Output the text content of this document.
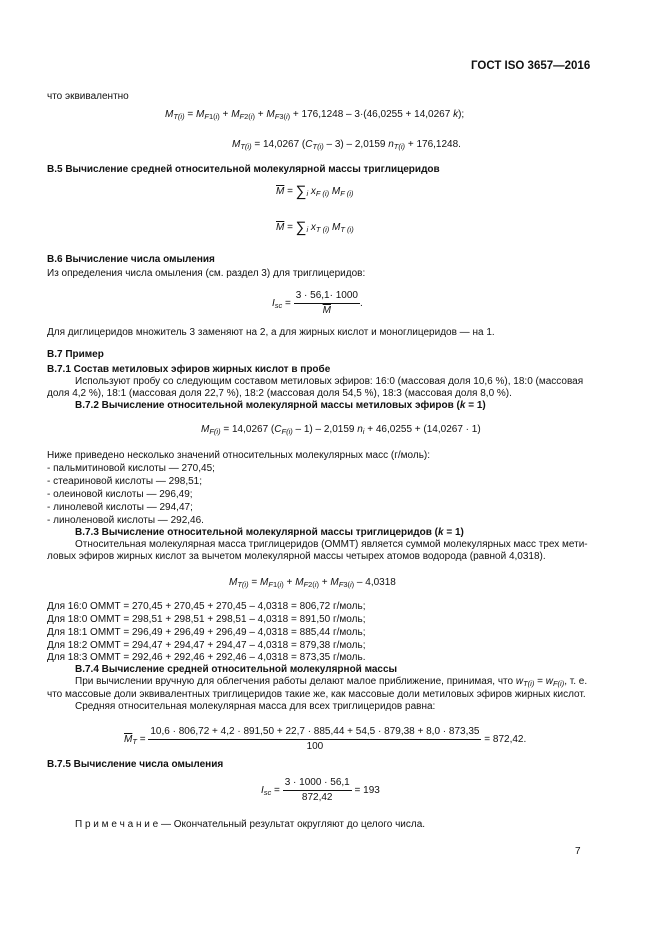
ГОСТ ISO 3657—2016
что эквивалентно
$M_{T(i)} = M_{F1(i)} + M_{F2(i)} + M_{F3(i)} + 176,1248 - 3\cdot(46,0255 + 14,0267$ k);
$M_{T(i)} = 14,0267$ $(C_{T(i)} - 3) - 2,0159$ $n_{T(i)} + 176,1248$.
В.5 Вычисление средней относительной молекулярной массы триглицеридов
$\overline{M} = \sum_i$ $x_{F (i)}$ $M_{F (i)}$
$\overline{M} = \sum_i$ $x_{T (i)}$ $M_{T (i)}$
В.6 Вычисление числа омыления
Из определения числа омыления (см. раздел 3) для триглицеридов:
$I_{sc} = \frac{3 \cdot 56,1\cdot 1000}{M}$ .
Для диглицеридов множитель 3 заменяют на 2, а для жирных кислот и моноглицеридов — на 1.
В.7 Пример
В.7.1 Состав метиловых эфиров жирных кислот в пробе
Используют пробу со следующим составом метиловых эфиров: 16:0 (массовая доля 10,6 %), 18:0 (массовая
доля 4,2 %), 18:1 (массовая доля 22,7 %), 18:2 (массовая доля 54,5 %), 18:3 (массовая доля 8,0 %).
В.7.2 Вычисление относительной молекулярной массы метиловых эфиров (k = 1)
$M_{F(i)} = 14,0267$ $(C_{F(i)} - 1) - 2,0159$ $n_i + 46,0255 + (14,0267 \cdot 1)$
Ниже приведено несколько значений относительных молекулярных масс (г/моль):
- пальмитиновой кислоты — 270,45;
- стеариновой кислоты — 298,51;
- олеиновой кислоты — 296,49;
- линолевой кислоты — 294,47;
- линоленовой кислоты — 292,46.
В.7.3 Вычисление относительной молекулярной массы триглицеридов (k = 1)
Относительная молекулярная масса триглицеридов (ОММТ) является суммой молекулярных масс трех мети-
ловых эфиров жирных кислот за вычетом молекулярной массы четырех атомов водорода (равной 4,0318).
$M_{T(i)} = M_{F1(i)} + M_{F2(i)} + M_{F3(i)} - 4,0318$
Для 16:0 ОММТ = 270,45 + 270,45 + 270,45 – 4,0318 = 806,72 г/моль;
Для 18:0 ОММТ = 298,51 + 298,51 + 298,51 – 4,0318 = 891,50 г/моль;
Для 18:1 ОММТ = 296,49 + 296,49 + 296,49 – 4,0318 = 885,44 г/моль;
Для 18:2 ОММТ = 294,47 + 294,47 + 294,47 – 4,0318 = 879,38 г/моль;
Для 18:3 ОММТ = 292,46 + 292,46 + 292,46 – 4,0318 = 873,35 г/моль.
В.7.4 Вычисление средней относительной молекулярной массы
При вычислении вручную для облегчения работы делают малое приближение, принимая, что $w_{T(i)} = w_{F(i)}$, т. е.
что массовые доли эквивалентных триглицеридов такие же, как массовые доли метиловых эфиров жирных кислот.
Средняя относительная молекулярная масса для всех триглицеридов равна:
$\overline{M}_T$ =
10,6 · 806,72 + 4,2 · 891,50 + 22,7 · 885,44 + 54,5 · 879,38 + 8,0 · 873,35
100
= 872,42.
В.7.5 Вычисление числа омыления
$I_{sc} = \frac{3 \cdot 1000 \cdot 56,1}{872,42} = 193$
П р и м е ч а н и е — Окончательный результат округляют до целого числа.
7
